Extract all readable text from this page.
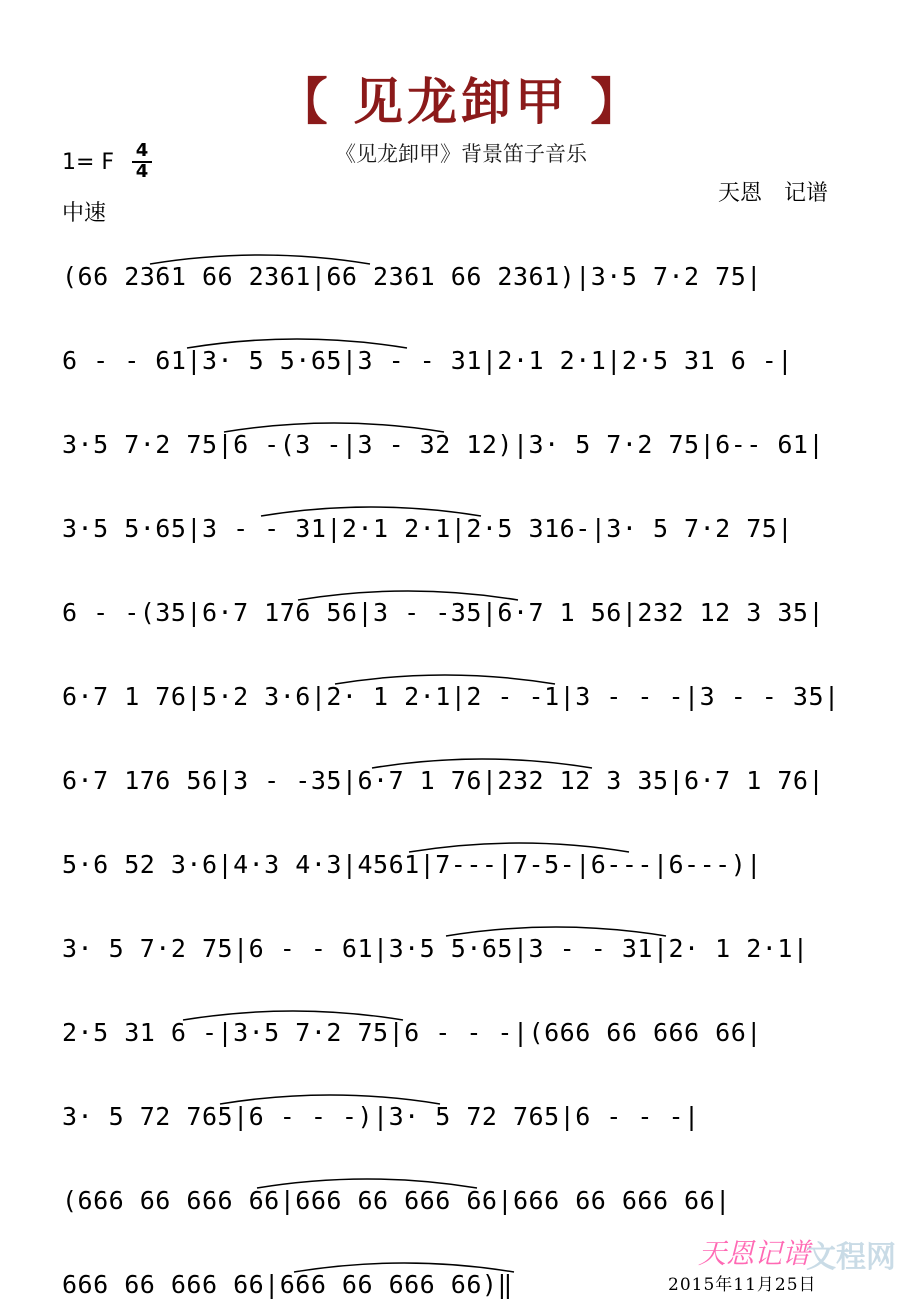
【 见龙卸甲 】
《见龙卸甲》背景笛子音乐
1= F 4
4
中速
天恩　记谱
(66 2361 66 2361|66 2361 66 2361)|3·5 7·2 75|
6 - - 61|3· 5 5·65|3 - - 31|2·1 2·1|2·5 31 6 -|
3·5 7·2 75|6 -(3 -|3 - 32 12)|3· 5 7·2 75|6-- 61|
3·5 5·65|3 - - 31|2·1 2·1|2·5 316-|3· 5 7·2 75|
6 - -(35|6·7 176 56|3 - -35|6·7 1 56|232 12 3 35|
6·7 1 76|5·2 3·6|2· 1 2·1|2 - -1|3 - - -|3 - - 35|
6·7 176 56|3 - -35|6·7 1 76|232 12 3 35|6·7 1 76|
5·6 52 3·6|4·3 4·3|4561|7---|7-5-|6---|6---)|
3· 5 7·2 75|6 - - 61|3·5 5·65|3 - - 31|2· 1 2·1|
2·5 31 6 -|3·5 7·2 75|6 - - -|(666 66 666 66|
3· 5 72 765|6 - - -)|3· 5 72 765|6 - - -|
(666 66 666 66|666 66 666 66|666 66 666 66|
666 66 666 66|666 66 666 66)‖
天恩记谱
文程网
2015年11月25日
